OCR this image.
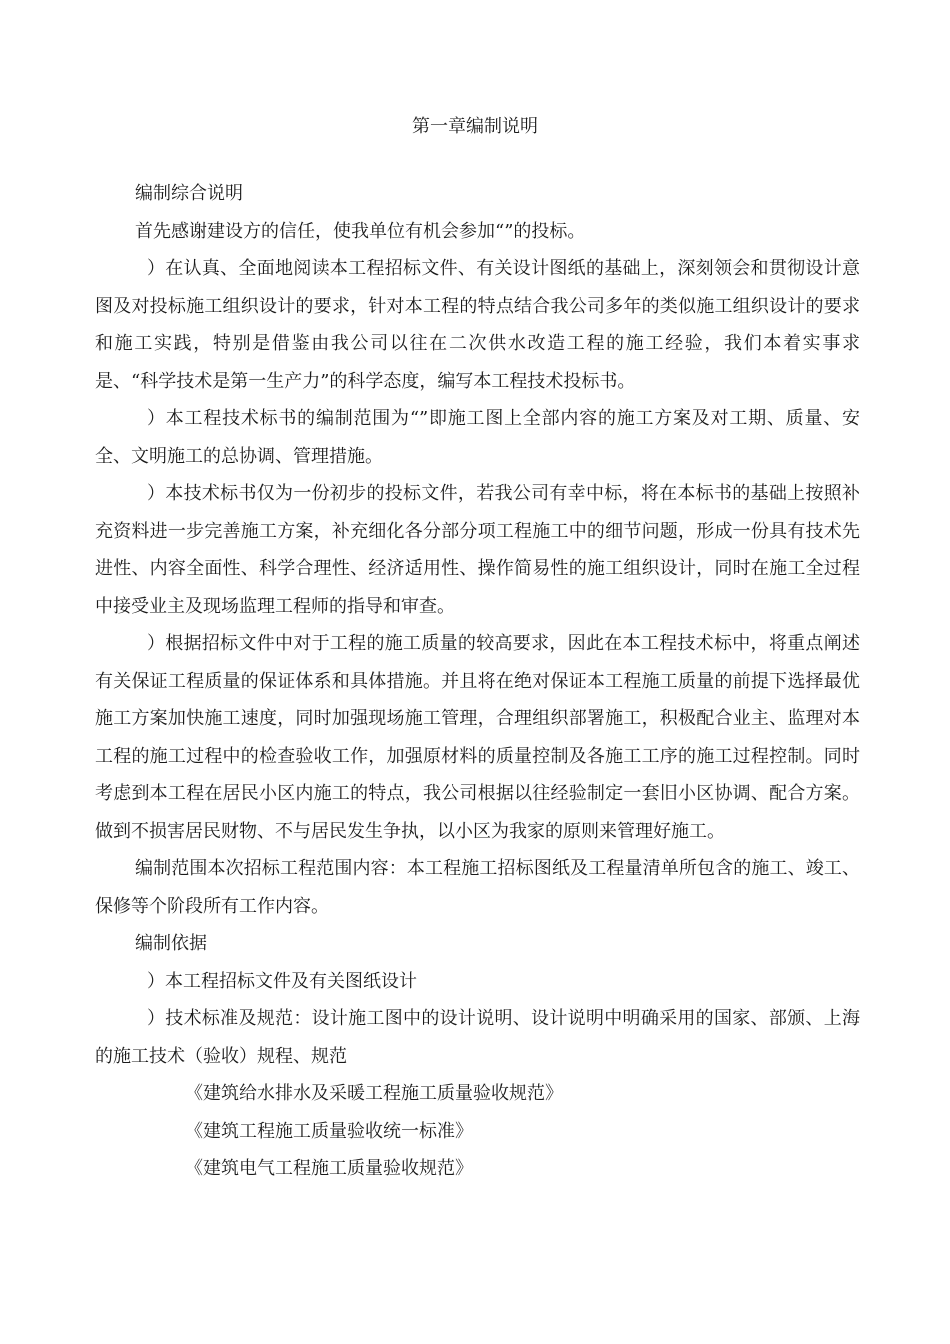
第一章编制说明

编制综合说明

首先感谢建设方的信任，使我单位有机会参加“”的投标。

）在认真、全面地阅读本工程招标文件、有关设计图纸的基础上，深刻领会和贯彻设计意图及对投标施工组织设计的要求，针对本工程的特点结合我公司多年的类似施工组织设计的要求和施工实践，特别是借鉴由我公司以往在二次供水改造工程的施工经验，我们本着实事求是、“科学技术是第一生产力”的科学态度，编写本工程技术投标书。

）本工程技术标书的编制范围为“”即施工图上全部内容的施工方案及对工期、质量、安全、文明施工的总协调、管理措施。

）本技术标书仅为一份初步的投标文件，若我公司有幸中标，将在本标书的基础上按照补充资料进一步完善施工方案，补充细化各分部分项工程施工中的细节问题，形成一份具有技术先进性、内容全面性、科学合理性、经济适用性、操作简易性的施工组织设计，同时在施工全过程中接受业主及现场监理工程师的指导和审查。

）根据招标文件中对于工程的施工质量的较高要求，因此在本工程技术标中，将重点阐述有关保证工程质量的保证体系和具体措施。并且将在绝对保证本工程施工质量的前提下选择最优施工方案加快施工速度，同时加强现场施工管理，合理组织部署施工，积极配合业主、监理对本工程的施工过程中的检查验收工作，加强原材料的质量控制及各施工工序的施工过程控制。同时考虑到本工程在居民小区内施工的特点，我公司根据以往经验制定一套旧小区协调、配合方案。做到不损害居民财物、不与居民发生争执，以小区为我家的原则来管理好施工。

编制范围本次招标工程范围内容：本工程施工招标图纸及工程量清单所包含的施工、竣工、保修等个阶段所有工作内容。

编制依据

）本工程招标文件及有关图纸设计

）技术标准及规范：设计施工图中的设计说明、设计说明中明确采用的国家、部颁、上海的施工技术（验收）规程、规范

《建筑给水排水及采暖工程施工质量验收规范》

《建筑工程施工质量验收统一标准》

《建筑电气工程施工质量验收规范》
